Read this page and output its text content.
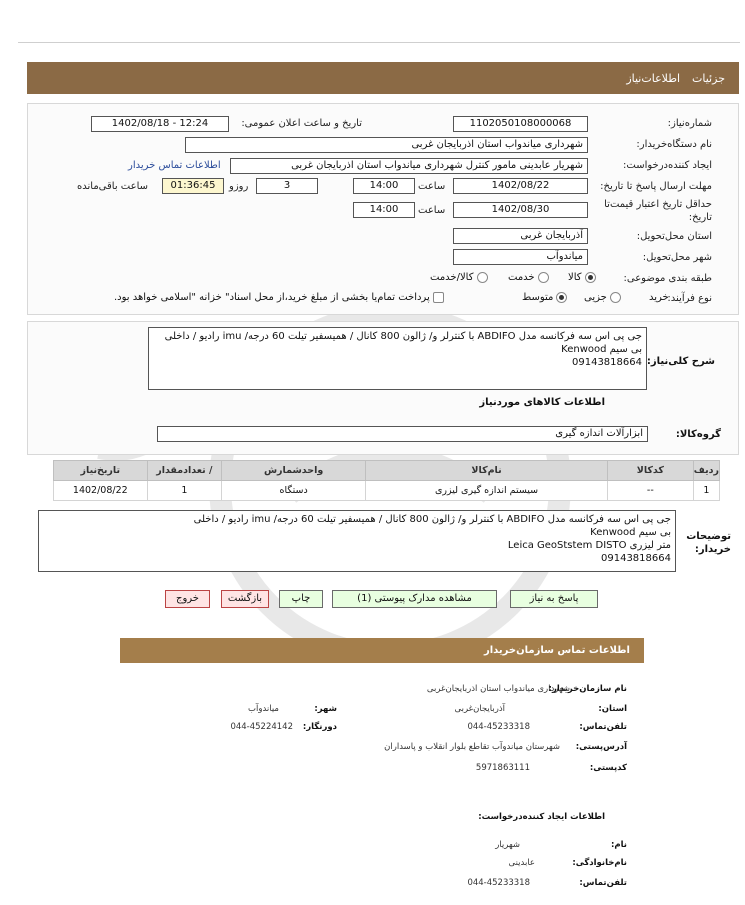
اطلاعات‌نیاز جزئیات
شماره‌نیاز:
1102050108000068
تاریخ و ساعت اعلان عمومی:
1402/08/18 - 12:24
نام دستگاه‌خریدار:
شهرداری میاندواب استان اذربایجان غربی
ایجاد کننده‌درخواست:
شهریار عابدینی مامور کنترل شهرداری میاندواب استان اذربایجان غربی
اطلاعات تماس خریدار
مهلت ارسال پاسخ تا تاریخ:
1402/08/22
ساعت
14:00
3
روزو
01:36:45
ساعت باقی‌مانده
حداقل تاریخ اعتبار قیمت‌تا تاریخ:
1402/08/30
ساعت
14:00
استان محل‌تحویل:
آذربایجان غربی
شهر محل‌تحویل:
میاندوآب
طبقه بندی موضوعی:
کالا
خدمت
کالا/خدمت
نوع فرآیند:
خرید
جزیی
متوسط
پرداخت تمام‌یا بخشی از مبلغ خرید،از محل اسناد" خزانه "اسلامی خواهد بود.
شرح کلی‌نیاز:
جی پی اس سه فرکانسه مدل ABDIFO با کنترلر و/ ژالون 800 کانال / همیسفیر تیلت 60 درجه/ imu رادیو / داخلی
بی سیم Kenwood
09143818664
اطلاعات کالاهای موردنیاز
گروه‌کالا:
ابزارآلات اندازه گیری
تاریخ‌نیاز	تعداد‌مقدار /	واحدشمارش	نام‌کالا	کدکالا	ردیف
1402/08/22	1	دستگاه	سیستم اندازه گیری لیزری	--	1
توضیحات خریدار:
جی پی اس سه فرکانسه مدل ABDIFO با کنترلر و/ ژالون 800 کانال / همیسفیر تیلت 60 درجه/ imu رادیو / داخلی
بی سیم Kenwood
متر لیزری Leica GeoStstem DISTO
09143818664
پاسخ به نیاز
مشاهده مدارک پیوستی (1)
چاپ
بازگشت
خروج
اطلاعات تماس سازمان‌خریدار
نام سازمان‌خریدار:
شهرداری میاندواب استان اذربایجان‌غربی
استان:
آذربایجان‌غربی
شهر:
میاندوآب
تلفن‌تماس:
044-45233318
دورنگار:
044-45224142
آدرس‌پستی:
شهرستان میاندوآب تقاطع بلوار انقلاب و پاسداران
کد‌پستی:
5971863111
اطلاعات ایجاد کننده‌درخواست:
نام:
شهریار
نام‌خانوادگی:
عابدینی
تلفن‌تماس:
044-45233318
